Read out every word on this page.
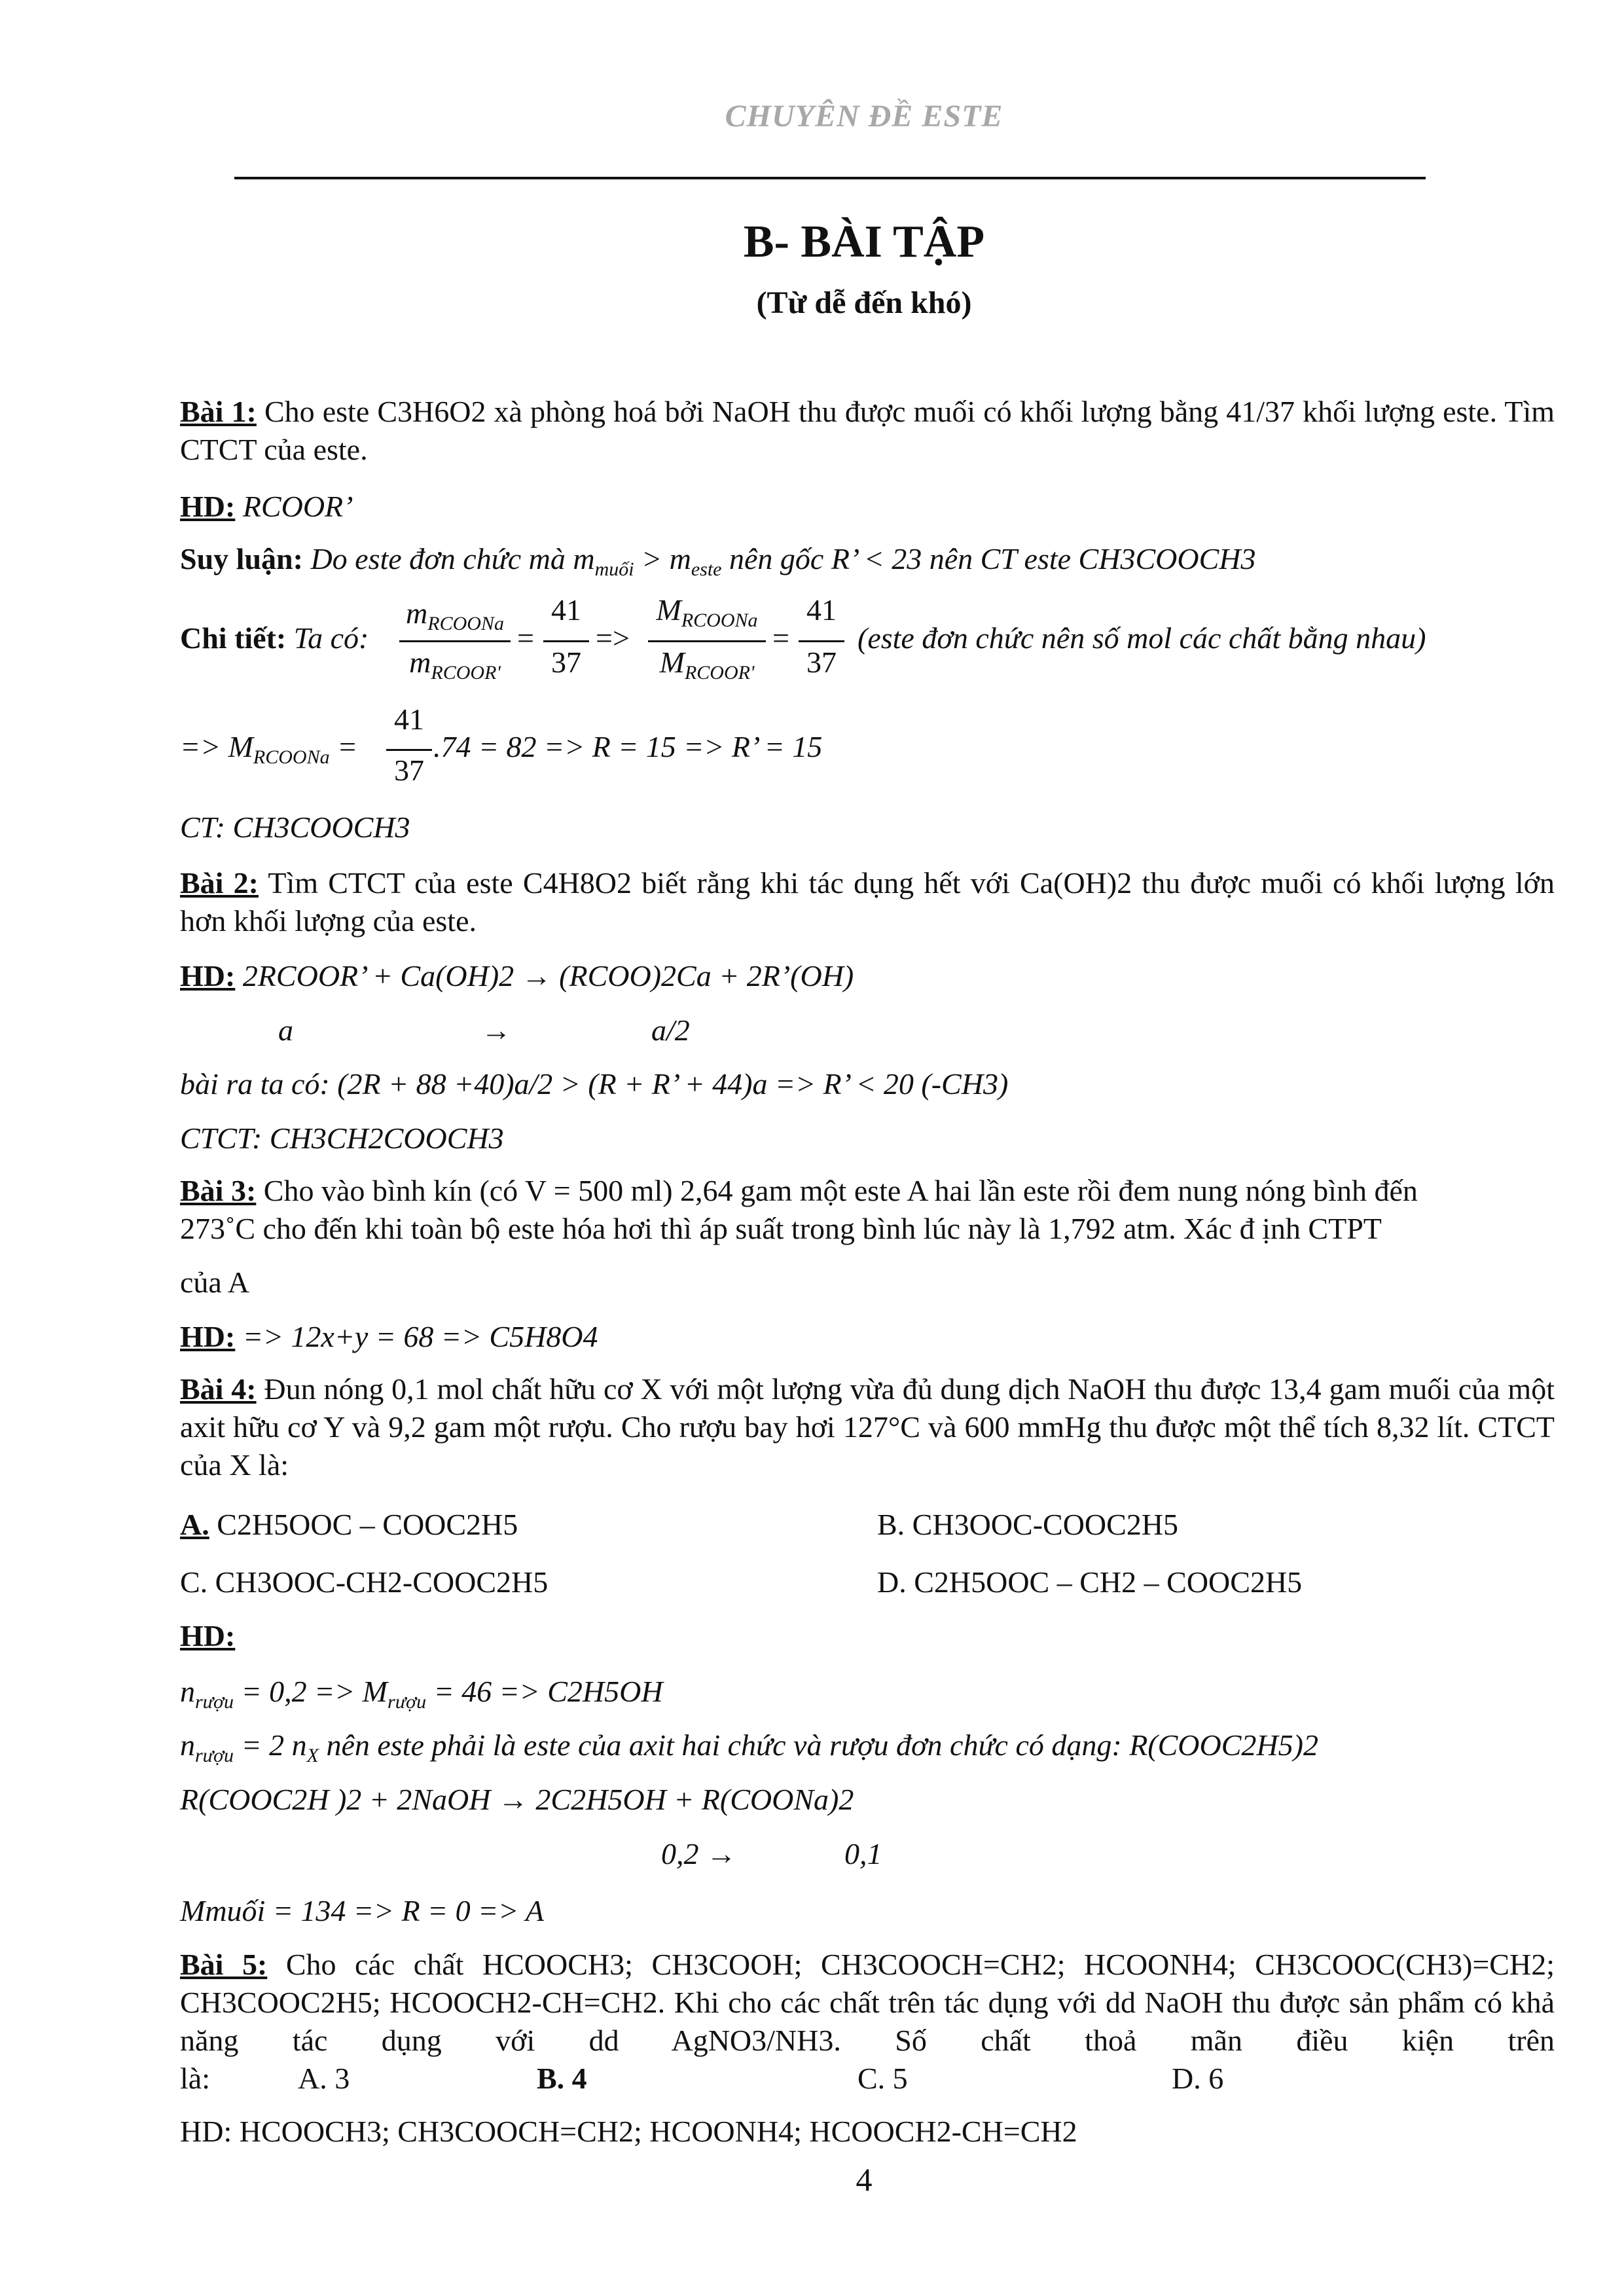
CHUYÊN ĐỀ ESTE
B- BÀI TẬP
(Từ dễ đến khó)
Bài 1: Cho este C3H6O2 xà phòng hoá bởi NaOH thu được muối có khối lượng bằng 41/37 khối lượng este. Tìm CTCT của este.
HD: RCOOR’
Suy luận: Do este đơn chức mà $m_{muối} > m_{este}$ nên gốc R’ < 23 nên CT este CH3COOCH3
Chi tiết: Ta có:
$m_{RCOONa}$
$m_{RCOOR'}$
=
41
37
=>
$M_{RCOONa}$
$M_{RCOOR'}$
=
41
37
(este đơn chức nên số mol các chất bằng nhau)
=> $M_{RCOONa}$ =
41
37
.74 = 82 => R = 15 => R’ = 15
CT: CH3COOCH3
Bài 2: Tìm CTCT của este C4H8O2 biết rằng khi tác dụng hết với Ca(OH)2 thu được muối có khối lượng lớn hơn khối lượng của este.
HD: 2RCOOR’ + Ca(OH)2 → (RCOO)2Ca + 2R’(OH)
a	→	a/2
bài ra ta có: (2R + 88 +40)a/2 > (R + R’ + 44)a => R’ < 20 (-CH3)
CTCT: CH3CH2COOCH3
Bài 3: Cho vào bình kín (có V = 500 ml) 2,64 gam một este A hai lần este rồi đem nung nóng bình đến
273˚C cho đến khi toàn bộ este hóa hơi thì áp suất trong bình lúc này là 1,792 atm. Xác đ ịnh CTPT
của A
HD: => 12x+y = 68 => C5H8O4
Bài 4: Đun nóng 0,1 mol chất hữu cơ X với một lượng vừa đủ dung dịch NaOH thu được 13,4 gam muối của một axit hữu cơ Y và 9,2 gam một rượu. Cho rượu bay hơi 127°C và 600 mmHg thu được một thể tích 8,32 lít. CTCT của X là:
A. C2H5OOC – COOC2H5	B. CH3OOC-COOC2H5
C. CH3OOC-CH2-COOC2H5	D. C2H5OOC – CH2 – COOC2H5
HD:
$n_{rượu} = 0,2 => M_{rượu} = 46 => C2H5OH$
$n_{rượu} = 2$ $n_X$ nên este phải là este của axit hai chức và rượu đơn chức có dạng: R(COOC2H5)2
R(COOC2H )2 + 2NaOH → 2C2H5OH + R(COONa)2
0,2 →	0,1
Mmuối = 134 => R = 0 => A
Bài 5: Cho các chất HCOOCH3; CH3COOH; CH3COOCH=CH2; HCOONH4; CH3COOC(CH3)=CH2; CH3COOC2H5; HCOOCH2-CH=CH2. Khi cho các chất trên tác dụng với dd NaOH thu được sản phẩm có khả năng tác dụng với dd AgNO3/NH3. Số chất thoả mãn điều kiện trên
là:	A. 3	B. 4	C. 5	D. 6
HD: HCOOCH3; CH3COOCH=CH2; HCOONH4; HCOOCH2-CH=CH2
4
